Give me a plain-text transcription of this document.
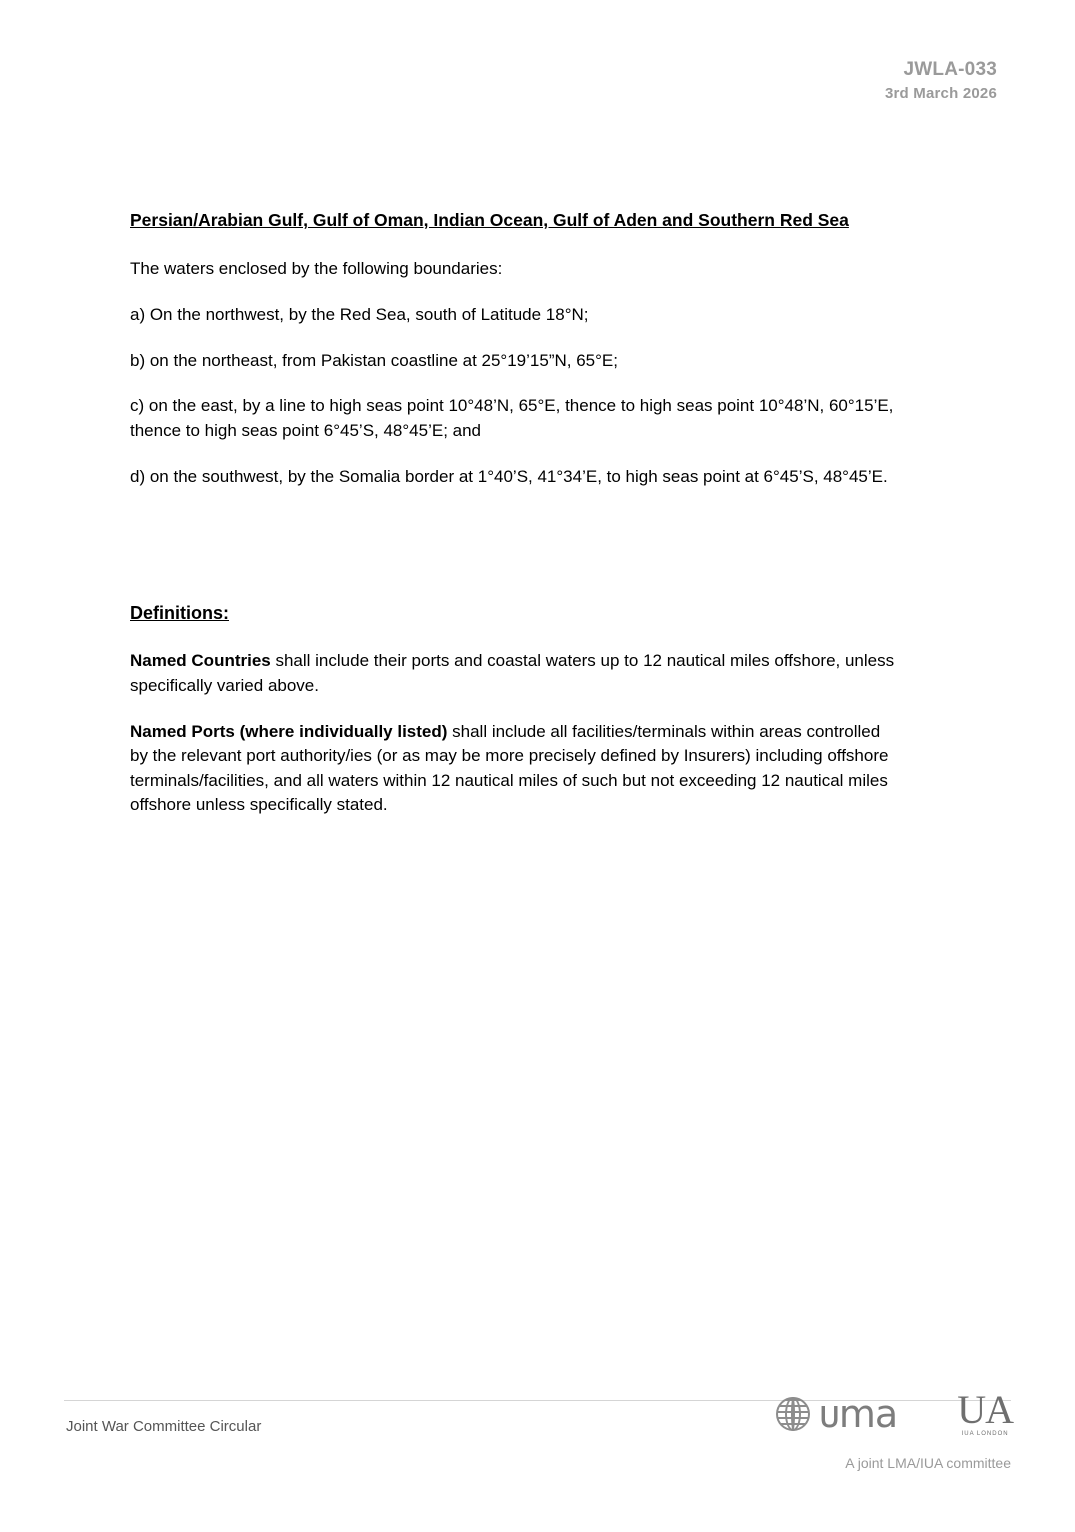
JWLA-033
3rd March 2026
Persian/Arabian Gulf, Gulf of Oman, Indian Ocean, Gulf of Aden and Southern Red Sea

The waters enclosed by the following boundaries:

a) On the northwest, by the Red Sea, south of Latitude 18°N;

b) on the northeast, from Pakistan coastline at 25°19’15”N, 65°E;

c) on the east, by a line to high seas point 10°48’N, 65°E, thence to high seas point 10°48’N, 60°15’E, thence to high seas point 6°45’S, 48°45’E; and

d) on the southwest, by the Somalia border at 1°40’S, 41°34’E, to high seas point at 6°45’S, 48°45’E.

Definitions:

Named Countries shall include their ports and coastal waters up to 12 nautical miles offshore, unless specifically varied above.

Named Ports (where individually listed) shall include all facilities/terminals within areas controlled by the relevant port authority/ies (or as may be more precisely defined by Insurers) including offshore terminals/facilities, and all waters within 12 nautical miles of such but not exceeding 12 nautical miles offshore unless specifically stated.

Joint War Committee Circular	ᴜma UA
IUA LONDON
A joint LMA/IUA committee
